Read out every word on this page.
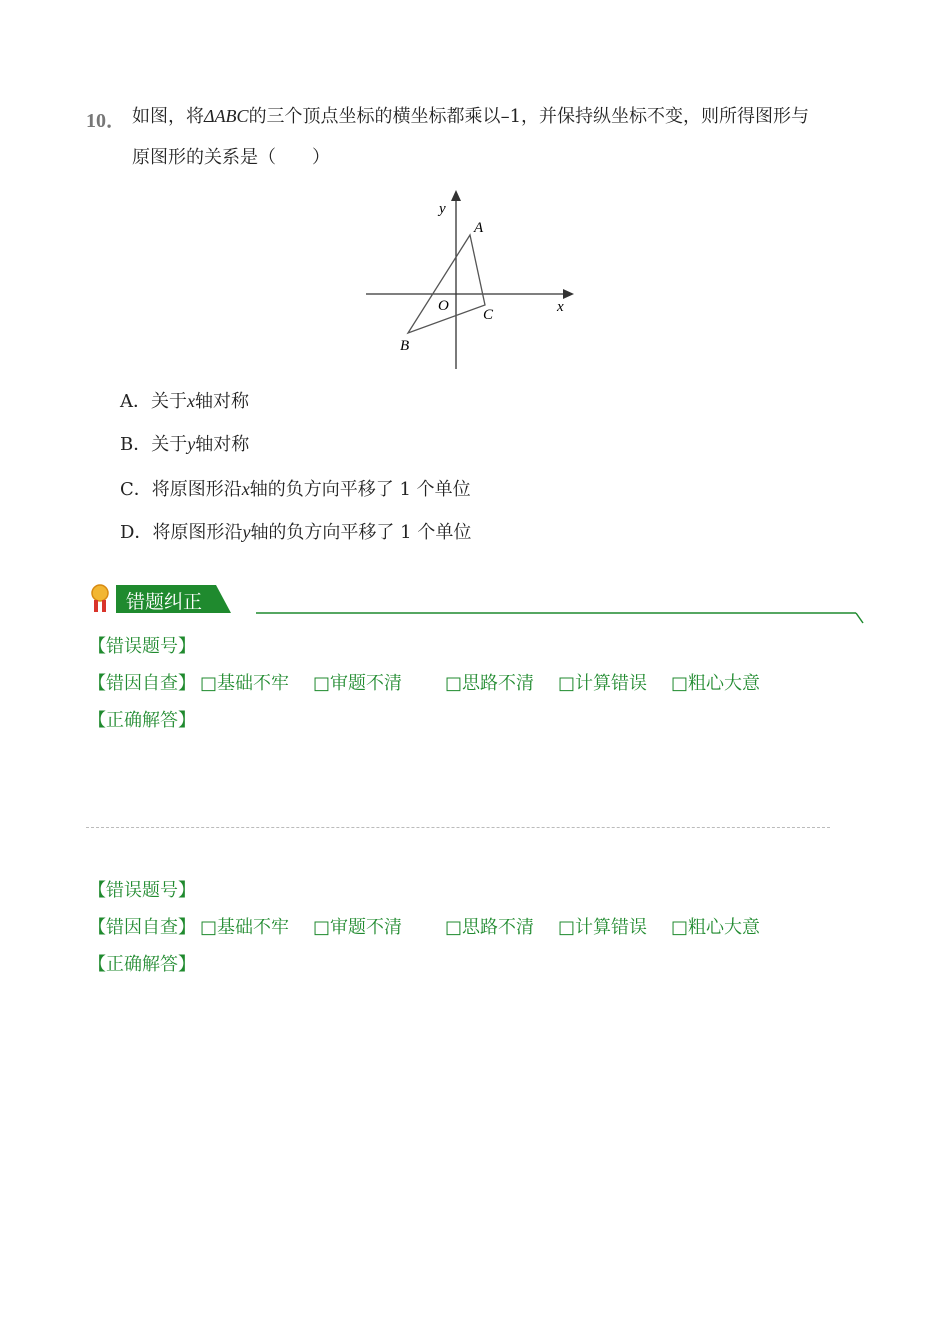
10． 如图，将ΔABC的三个顶点坐标的横坐标都乘以–1，并保持纵坐标不变，则所得图形与
原图形的关系是（　　）
y
x
O
A
B
C
A．关于x轴对称
B．关于y轴对称
C．将原图形沿x轴的负方向平移了 1 个单位
D．将原图形沿y轴的负方向平移了 1 个单位
错题纠正
【错误题号】
【错因自查】 □基础不牢 □审题不清 □思路不清 □计算错误 □粗心大意
【正确解答】
【错误题号】
【错因自查】 □基础不牢 □审题不清 □思路不清 □计算错误 □粗心大意
【正确解答】
